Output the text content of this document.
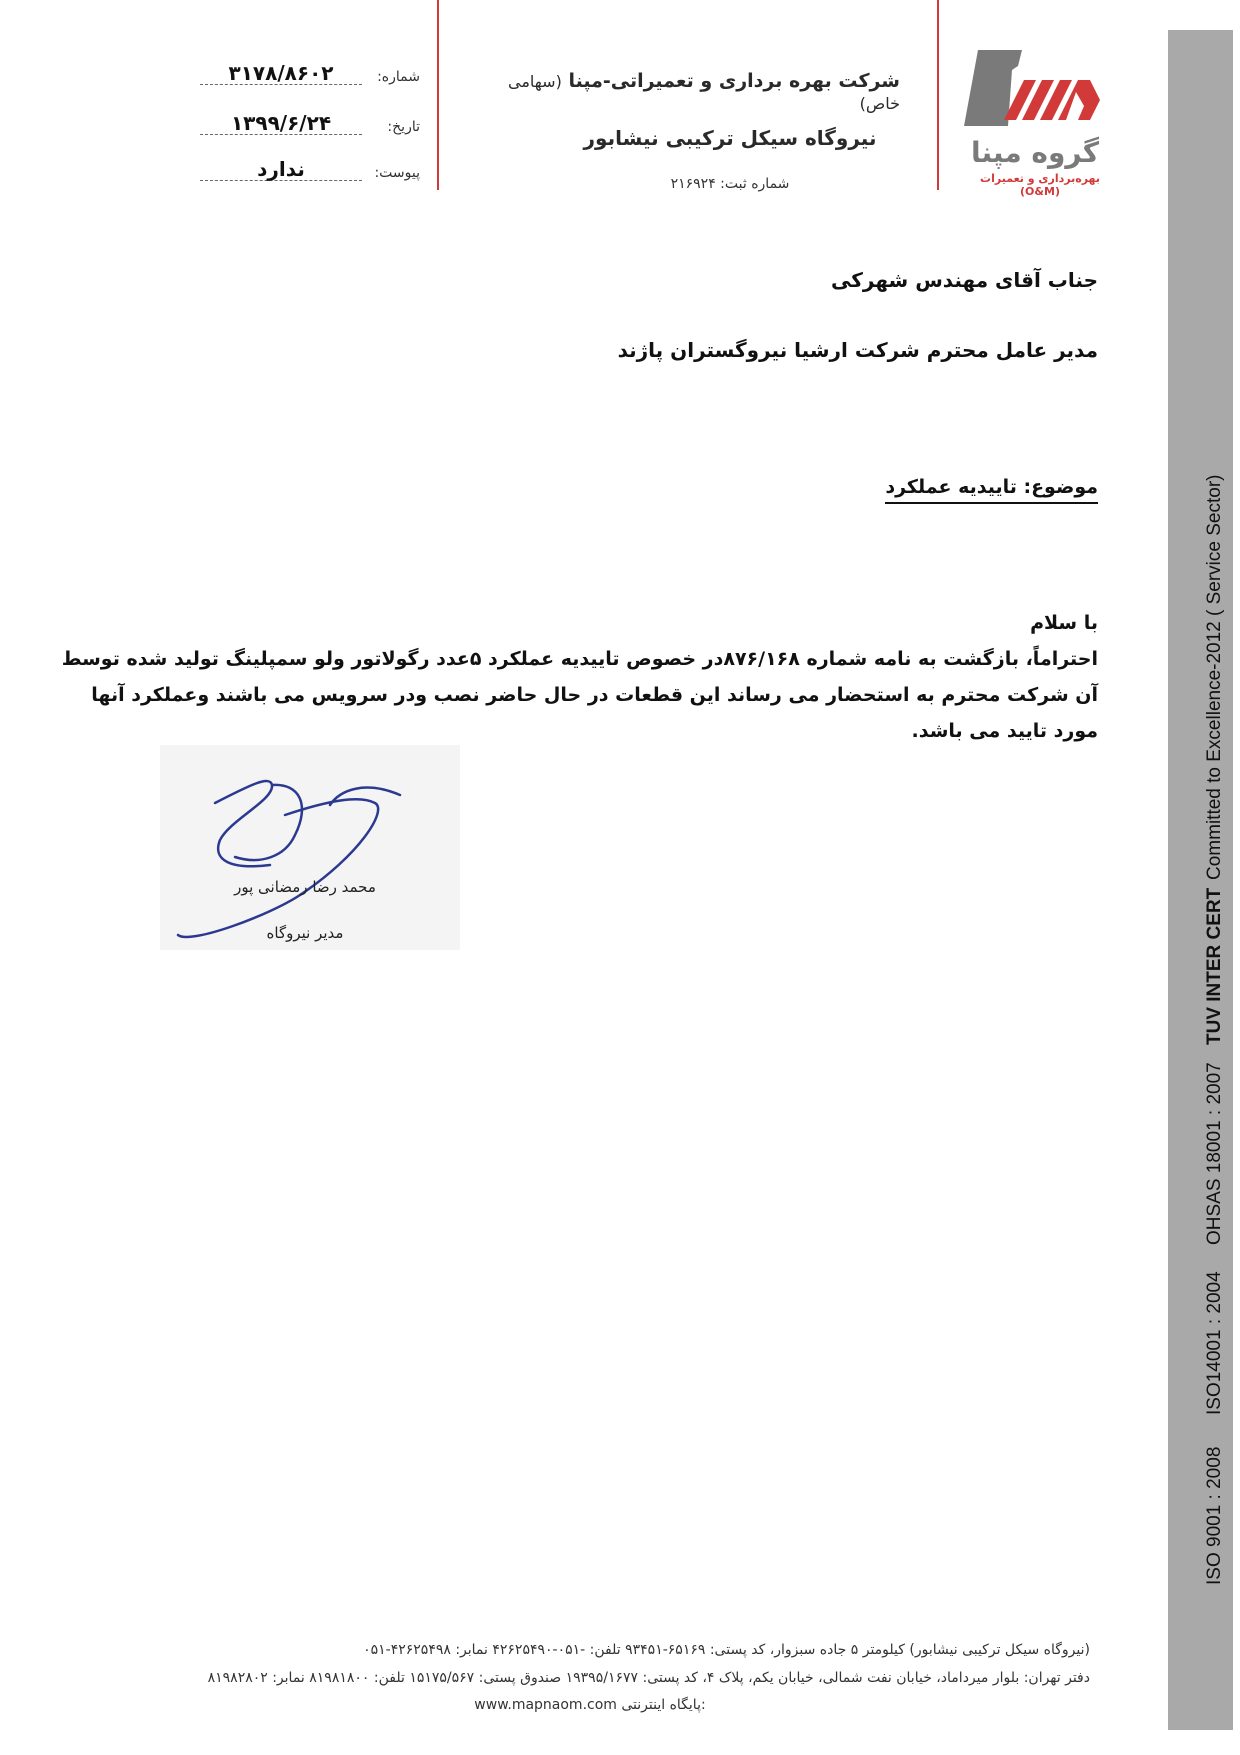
گروه مپنا
بهره‌برداری و تعمیرات (O&M)
شرکت بهره برداری و تعمیراتی-مپنا (سهامی خاص)
نیروگاه سیکل ترکیبی نیشابور
شماره ثبت: ۲۱۶۹۲۴
شماره:
۳۱۷۸/۸۶۰۲
تاریخ:
۱۳۹۹/۶/۲۴
پیوست:
ندارد
جناب آقای مهندس شهرکی
مدیر عامل محترم شرکت ارشیا نیروگستران پاژند
موضوع: تاییدیه عملکرد
با سلام
احتراماً، بازگشت به نامه شماره ۸۷۶/۱۶۸در خصوص تاییدیه عملکرد ۵عدد رگولاتور ولو سمپلینگ تولید شده توسط آن شرکت محترم به استحضار می رساند این قطعات در حال حاضر نصب ودر سرویس می باشند وعملکرد آنها مورد تایید می باشد.
محمد رضا رمضانی پور
مدیر نیروگاه
ISO 9001 : 2008
ISO14001 : 2004
OHSAS 18001 : 2007
TUV INTER CERT
Committed to Excellence-2012 ( Service Sector)
(نیروگاه سیکل ترکیبی نیشابور) کیلومتر ۵ جاده سبزوار، کد پستی: ۶۵۱۶۹-۹۳۴۵۱ تلفن: -۰۵۱-۴۲۶۲۵۴۹۰ نمابر: ۴۲۶۲۵۴۹۸-۰۵۱
دفتر تهران: بلوار میرداماد، خیابان نفت شمالی، خیابان یکم، پلاک ۴، کد پستی: ۱۹۳۹۵/۱۶۷۷ صندوق پستی: ۱۵۱۷۵/۵۶۷ تلفن: ۸۱۹۸۱۸۰۰ نمابر: ۸۱۹۸۲۸۰۲
www.mapnaom.com پایگاه اینترنتی:
